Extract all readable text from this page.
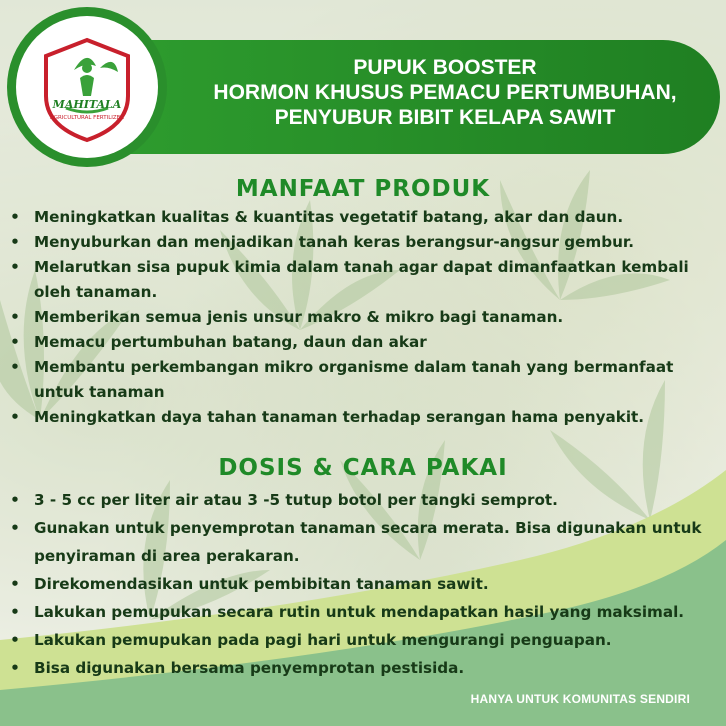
MAHITALA
AGRICULTURAL FERTILIZER
PUPUK BOOSTER
HORMON KHUSUS PEMACU PERTUMBUHAN,
PENYUBUR BIBIT KELAPA SAWIT
MANFAAT PRODUK
• Meningkatkan kualitas & kuantitas vegetatif batang, akar dan daun.
• Menyuburkan dan menjadikan tanah keras berangsur-angsur gembur.
• Melarutkan sisa pupuk kimia dalam tanah agar dapat dimanfaatkan kembali oleh tanaman.
• Memberikan semua jenis unsur makro & mikro bagi tanaman.
• Memacu pertumbuhan batang, daun dan akar
• Membantu perkembangan mikro organisme dalam tanah yang bermanfaat untuk tanaman
• Meningkatkan daya tahan tanaman terhadap serangan hama penyakit.
DOSIS & CARA PAKAI
• 3 - 5 cc per liter air atau 3 -5 tutup botol per tangki semprot.
• Gunakan untuk penyemprotan tanaman secara merata. Bisa digunakan untuk penyiraman di area perakaran.
• Direkomendasikan untuk pembibitan tanaman sawit.
• Lakukan pemupukan secara rutin untuk mendapatkan hasil yang maksimal.
• Lakukan pemupukan pada pagi hari untuk mengurangi penguapan.
• Bisa digunakan bersama penyemprotan pestisida.
HANYA UNTUK KOMUNITAS SENDIRI
